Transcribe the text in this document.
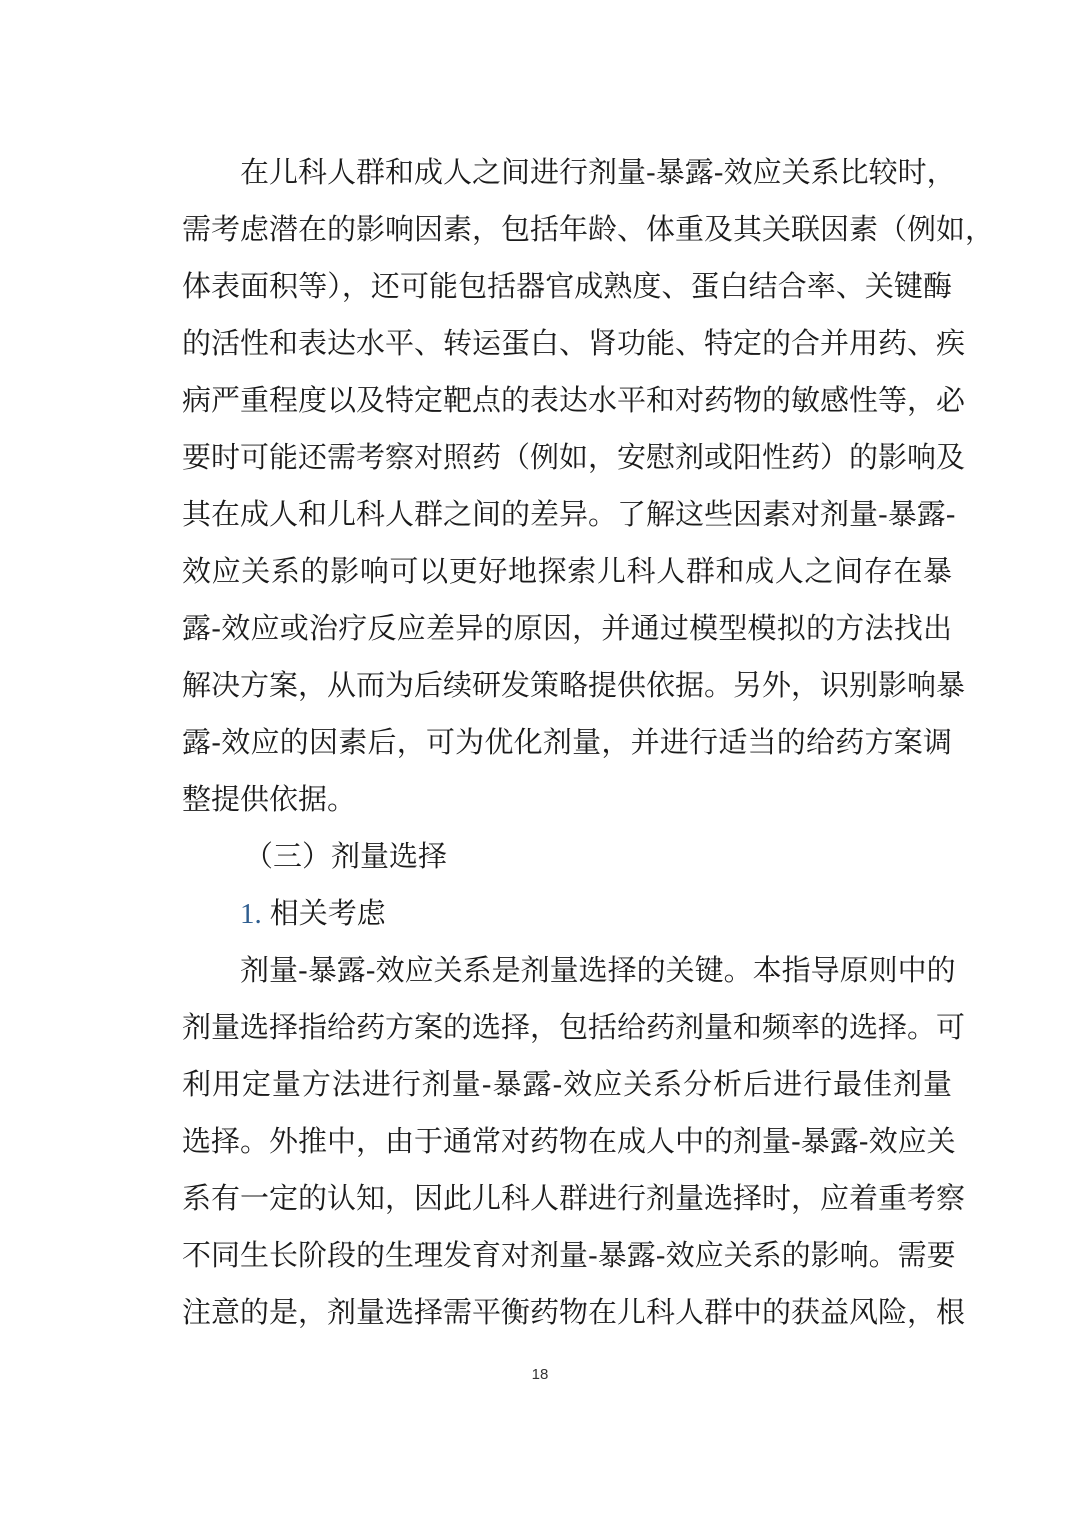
在儿科人群和成人之间进行剂量-暴露-效应关系比较时，
需考虑潜在的影响因素，包括年龄、体重及其关联因素（例如，
体表面积等），还可能包括器官成熟度、蛋白结合率、关键酶
的活性和表达水平、转运蛋白、肾功能、特定的合并用药、疾
病严重程度以及特定靶点的表达水平和对药物的敏感性等，必
要时可能还需考察对照药（例如，安慰剂或阳性药）的影响及
其在成人和儿科人群之间的差异。了解这些因素对剂量-暴露-
效应关系的影响可以更好地探索儿科人群和成人之间存在暴
露-效应或治疗反应差异的原因，并通过模型模拟的方法找出
解决方案，从而为后续研发策略提供依据。另外，识别影响暴
露-效应的因素后，可为优化剂量，并进行适当的给药方案调
整提供依据。
（三）剂量选择
1. 相关考虑
剂量-暴露-效应关系是剂量选择的关键。本指导原则中的
剂量选择指给药方案的选择，包括给药剂量和频率的选择。可
利用定量方法进行剂量-暴露-效应关系分析后进行最佳剂量
选择。外推中，由于通常对药物在成人中的剂量-暴露-效应关
系有一定的认知，因此儿科人群进行剂量选择时，应着重考察
不同生长阶段的生理发育对剂量-暴露-效应关系的影响。需要
注意的是，剂量选择需平衡药物在儿科人群中的获益风险，根
18
